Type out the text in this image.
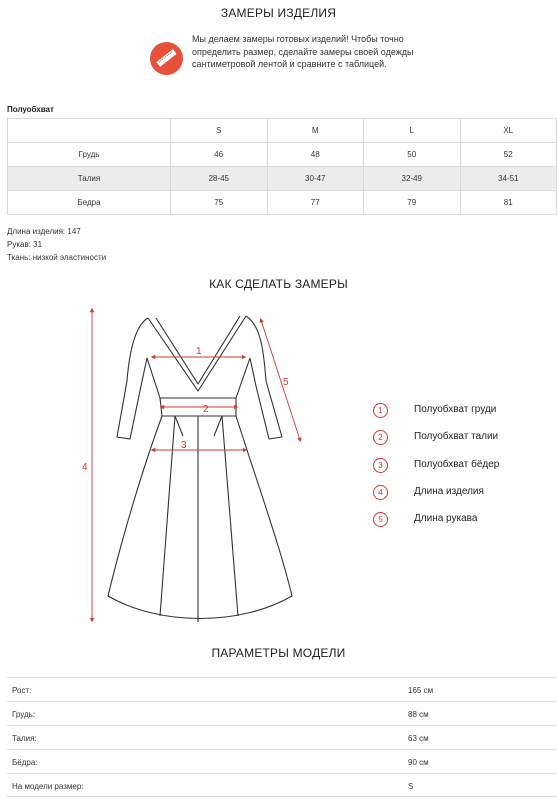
ЗАМЕРЫ ИЗДЕЛИЯ
Мы делаем замеры готовых изделий! Чтобы точно определить размер, сделайте замеры своей одежды сантиметровой лентой и сравните с таблицей.
Полуобхват
	S	M	L	XL
Грудь	46	48	50	52
Талия	28-45	30-47	32-49	34-51
Бедра	75	77	79	81
Длина изделия: 147
Рукав: 31
Ткань: низкой эластиности
КАК СДЕЛАТЬ ЗАМЕРЫ
1
2
3
4
5
1	Полуобхват груди
2	Полуобхват талии
3	Полуобхват бёдер
4	Длина изделия
5	Длина рукава
ПАРАМЕТРЫ МОДЕЛИ
Рост:	165 см
Грудь:	88 см
Талия:	63 см
Бёдра:	90 см
На модели размер:	S
